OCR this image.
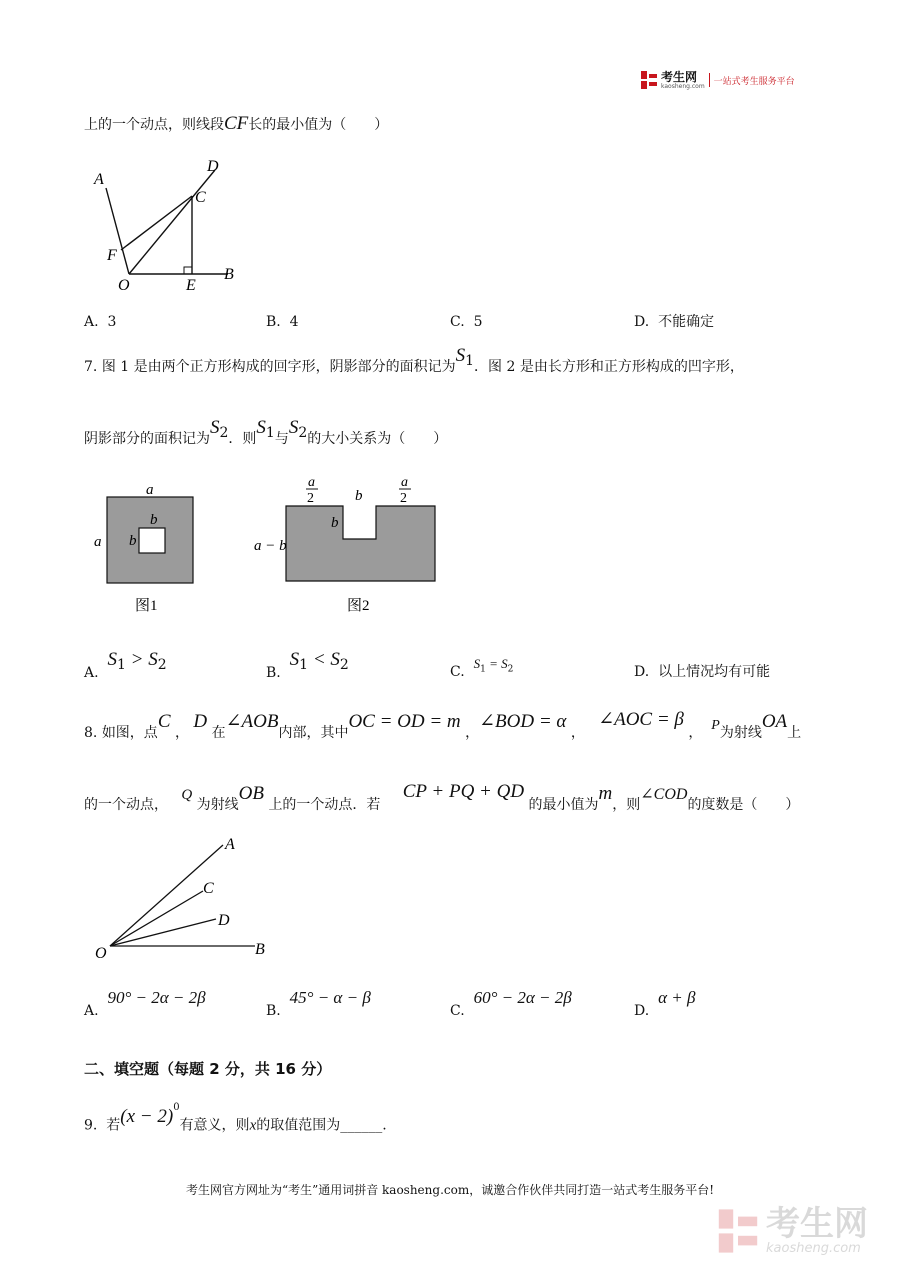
考生网
kaosheng.com 一站式考生服务平台
上的一个动点，则线段CF长的最小值为（　　）
A
D
C
F
O	E
B
A. 3	B. 4	C. 5	D. 不能确定
7. 图 1 是由两个正方形构成的回字形，阴影部分的面积记为$S_1$．图 2 是由长方形和正方形构成的凹字形，
阴影部分的面积记为$S_2$．则$S_1$与$S_2$的大小关系为（　　）
a
a
b
b
图1
a
2
a
2
b
b
a − b
图2
A.  $S_1 > S_2$
B.  $S_1 < S_2$	C.  $S_1 = S_2$	D. 以上情况均有可能
8. 如图，点C ， D 在∠AOB内部，其中OC = OD = m ，∠BOD = α ，   ∠AOC = β ， P为射线OA上
的一个动点，   Q 为射线OB 上的一个动点．若     CP + PQ + QD 的最小值为m，则∠COD的度数是（　　）
A
C
D
O	B
A.  90° − 2α − 2β
B.  45° − α − β
C.  60° − 2α − 2β
D.  α + β
二、填空题（每题 2 分，共 16 分）
9. 若$(x - 2)^0$有意义，则x的取值范围为______.
考生网官方网址为“考生”通用词拼音 kaosheng.com，诚邀合作伙伴共同打造一站式考生服务平台!
考生网
kaosheng.com
